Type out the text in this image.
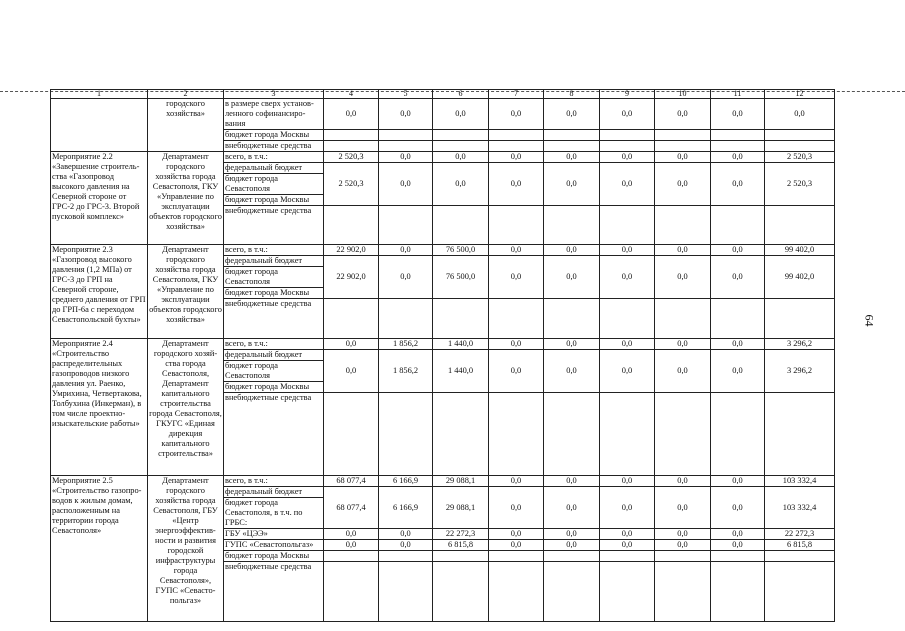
1	2	3	4	5	6	7	8	9	10	11	12
	городского хозяйства»	в размере сверх установ-ленного софинансиро-вания	0,0	0,0	0,0	0,0	0,0	0,0	0,0	0,0	0,0
		бюджет города Москвы									
		внебюджетные средства									
Мероприятие 2.2 «Завершение строитель-ства «Газопровод высокого давления на Северной стороне от ГРС-2 до ГРС-3. Второй пусковой комплекс»	Департамент городского хозяйства города Севастополя, ГКУ «Управление по эксплуатации объектов городского хозяйства»	всего, в т.ч.:	2 520,3	0,0	0,0	0,0	0,0	0,0	0,0	0,0	2 520,3
		федеральный бюджет	2 520,3	0,0	0,0	0,0	0,0	0,0	0,0	0,0	2 520,3
		бюджет города Севастополя									
		бюджет города Москвы									
		внебюджетные средства									
Мероприятие 2.3 «Газопровод высокого давления (1,2 МПа) от ГРС-3 до ГРП на Северной стороне, среднего давления от ГРП до ГРП-6а с переходом Севастопольской бухты»	Департамент городского хозяйства города Севастополя, ГКУ «Управление по эксплуатации объектов городского хозяйства»	всего, в т.ч.:	22 902,0	0,0	76 500,0	0,0	0,0	0,0	0,0	0,0	99 402,0
		федеральный бюджет	22 902,0	0,0	76 500,0	0,0	0,0	0,0	0,0	0,0	99 402,0
		бюджет города Севастополя									
		бюджет города Москвы									
		внебюджетные средства									
Мероприятие 2.4 «Строительство распределительных газопроводов низкого давления ул. Раенко, Умрихина, Четвертакова, Толбухина (Инкерман), в том числе проектно-изыскательские работы»	Департамент городского хозяй-ства города Севастополя, Департамент капитального строительства города Севастополя, ГКУГС «Единая дирекция капитального строительства»	всего, в т.ч.:	0,0	1 856,2	1 440,0	0,0	0,0	0,0	0,0	0,0	3 296,2
		федеральный бюджет	0,0	1 856,2	1 440,0	0,0	0,0	0,0	0,0	0,0	3 296,2
		бюджет города Севастополя									
		бюджет города Москвы									
		внебюджетные средства									
Мероприятие 2.5 «Строительство газопро-водов к жилым домам, расположенным на территории города Севастополя»	Департамент городского хозяйства города Севастополя, ГБУ «Центр энергоэффектив-ности и развития городской инфраструктуры города Севастополя», ГУПС «Севасто-польгаз»	всего, в т.ч.:	68 077,4	6 166,9	29 088,1	0,0	0,0	0,0	0,0	0,0	103 332,4
		федеральный бюджет	68 077,4	6 166,9	29 088,1	0,0	0,0	0,0	0,0	0,0	103 332,4
		бюджет города Севастополя, в т.ч. по ГРБС:									
		ГБУ «ЦЭЭ»	0,0	0,0	22 272,3	0,0	0,0	0,0	0,0	0,0	22 272,3
		ГУПС «Севастопольгаз»	0,0	0,0	6 815,8	0,0	0,0	0,0	0,0	0,0	6 815,8
		бюджет города Москвы									
		внебюджетные средства									
64
